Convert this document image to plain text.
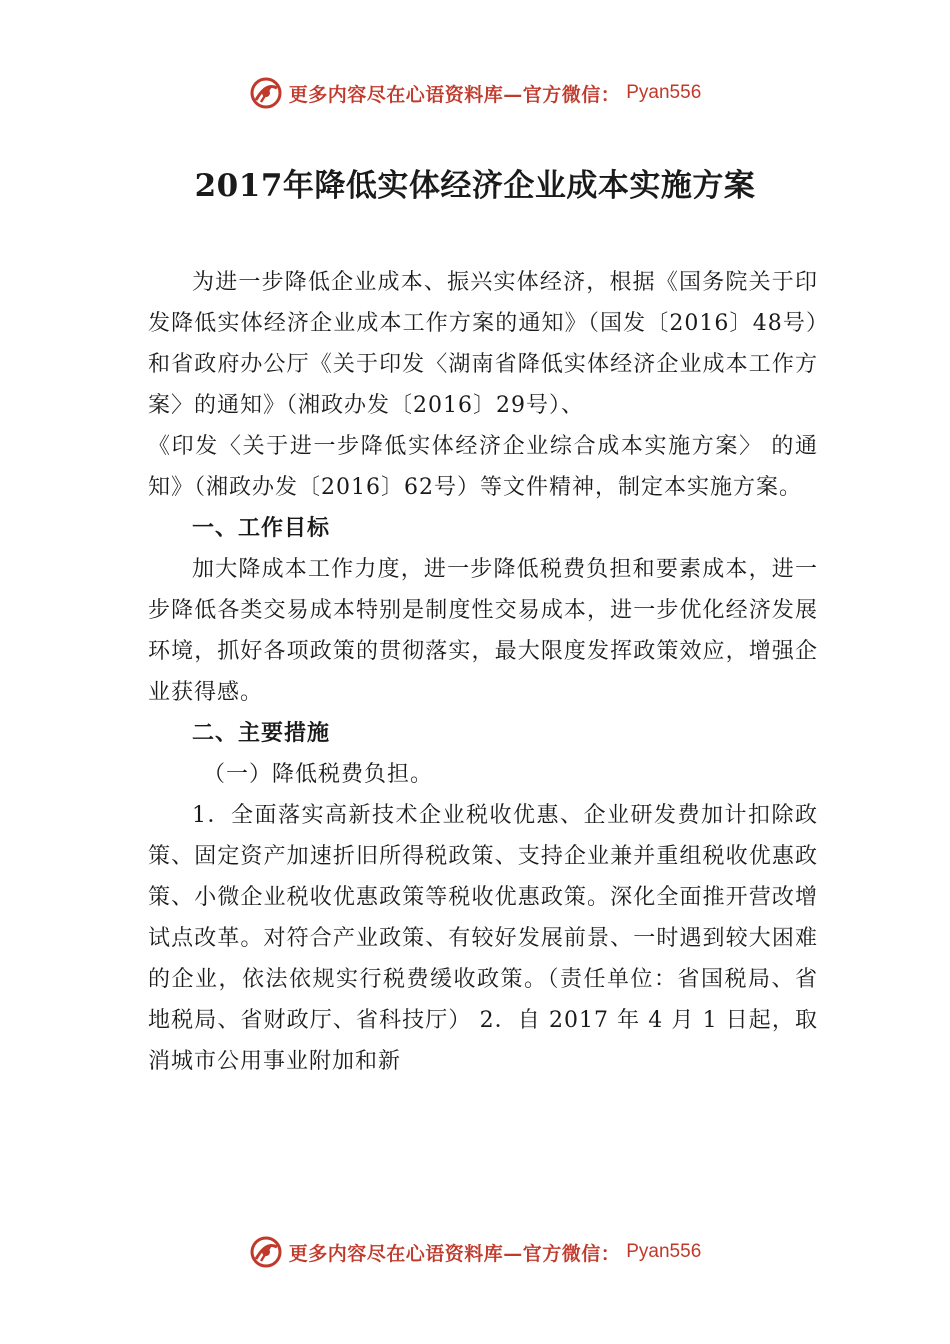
更多内容尽在心语资料库—官方微信： Pyan556
2017年降低实体经济企业成本实施方案

为进一步降低企业成本、振兴实体经济，根据《国务院关于印发降低实体经济企业成本工作方案的通知》（国发〔2016〕48号）和省政府办公厅《关于印发〈湖南省降低实体经济企业成本工作方案〉的通知》（湘政办发〔2016〕29号）、

《印发〈关于进一步降低实体经济企业综合成本实施方案〉 的通知》（湘政办发〔2016〕62号）等文件精神，制定本实施方案。

一、工作目标

加大降成本工作力度，进一步降低税费负担和要素成本，进一步降低各类交易成本特别是制度性交易成本，进一步优化经济发展环境，抓好各项政策的贯彻落实，最大限度发挥政策效应，增强企业获得感。

二、主要措施

（一）降低税费负担。

1．全面落实高新技术企业税收优惠、企业研发费加计扣除政策、固定资产加速折旧所得税政策、支持企业兼并重组税收优惠政策、小微企业税收优惠政策等税收优惠政策。深化全面推开营改增试点改革。对符合产业政策、有较好发展前景、一时遇到较大困难的企业，依法依规实行税费缓收政策。（责任单位：省国税局、省地税局、省财政厅、省科技厅） 2．自 2017 年 4 月 1 日起，取消城市公用事业附加和新

更多内容尽在心语资料库—官方微信： Pyan556
